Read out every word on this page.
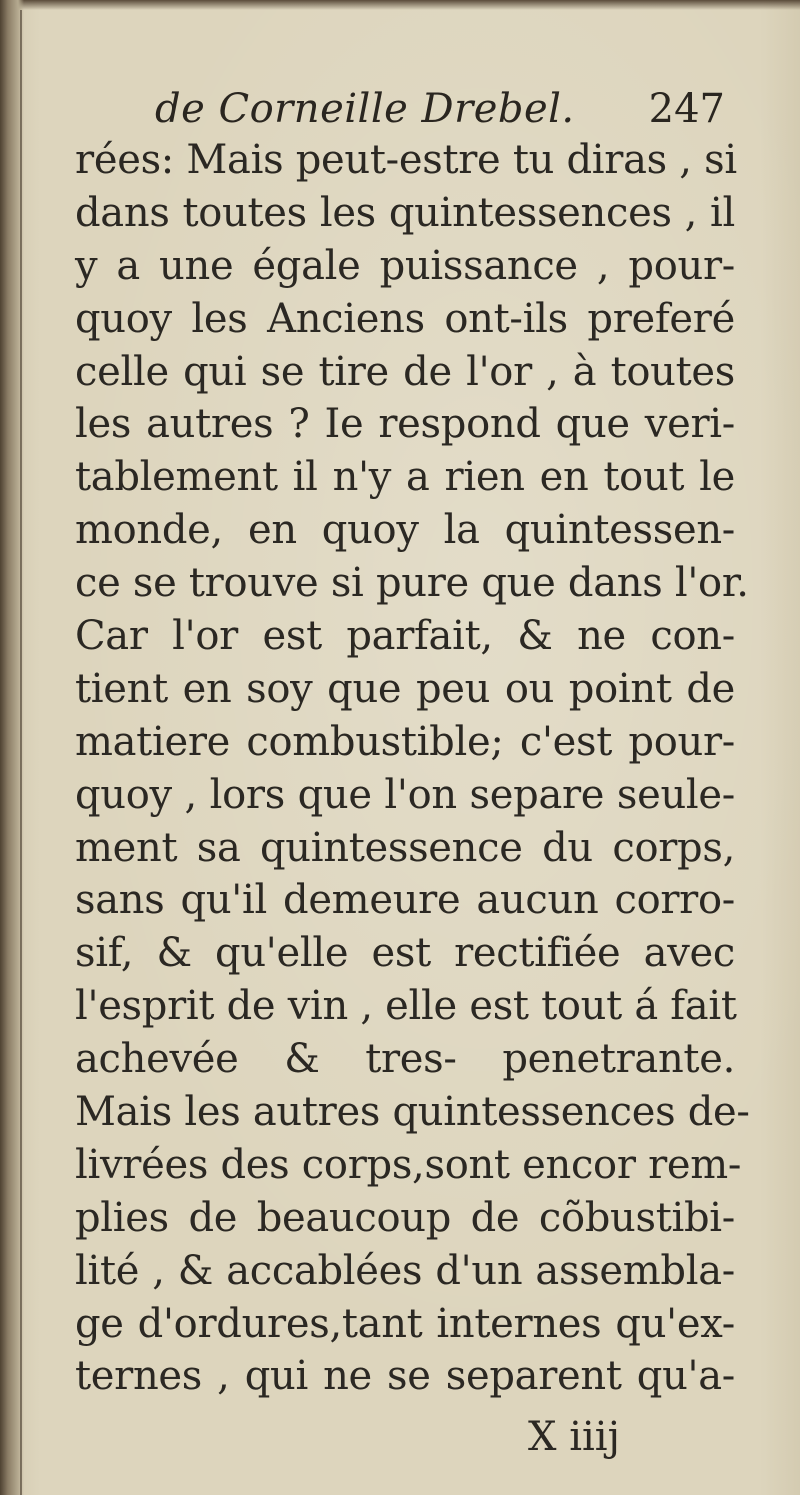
de Corneille Drebel. 247
rées: Mais peut-estre tu diras , si
dans toutes les quintessences , il
y a une égale puissance , pour-
quoy les Anciens ont-ils preferé
celle qui se tire de l'or , à toutes
les autres ? Ie respond que veri-
tablement il n'y a rien en tout le
monde, en quoy la quintessen-
ce se trouve si pure que dans l'or.
Car l'or est parfait, & ne con-
tient en soy que peu ou point de
matiere combustible; c'est pour-
quoy , lors que l'on separe seule-
ment sa quintessence du corps,
sans qu'il demeure aucun corro-
sif, & qu'elle est rectifiée avec
l'esprit de vin , elle est tout á fait
achevée & tres- penetrante.
Mais les autres quintessences de-
livrées des corps,sont encor rem-
plies de beaucoup de cõbustibi-
lité , & accablées d'un assembla-
ge d'ordures,tant internes qu'ex-
ternes , qui ne se separent qu'a-
X iiij
